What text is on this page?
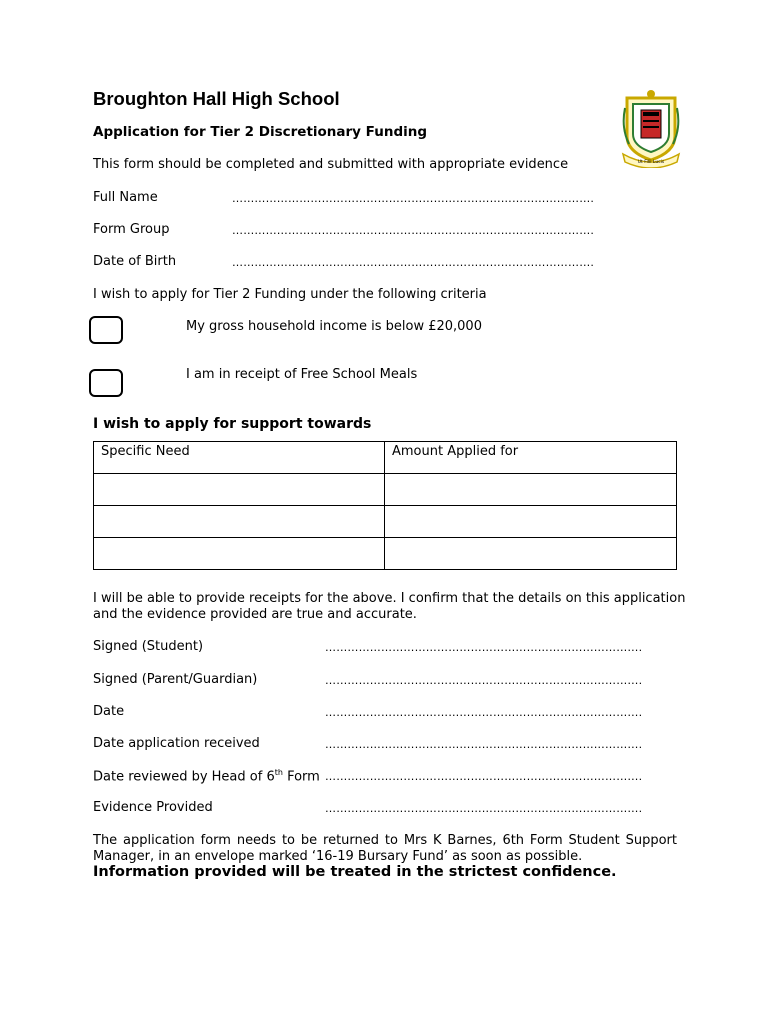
Broughton Hall High School
Application for Tier 2 Discretionary Funding
Ut Filii Lucis
This form should be completed and submitted with appropriate evidence
Full Name	…………………………………………………………………………………….
Form Group	…………………………………………………………………………………….
Date of Birth	…………………………………………………………………………………….
I wish to apply for Tier 2 Funding under the following criteria
My gross household income is below £20,000
I am in receipt of Free School Meals
I wish to apply for support towards
Specific Need	Amount Applied for

I will be able to provide receipts for the above. I confirm that the details on this application
and the evidence provided are true and accurate.
Signed (Student)	………………………………………………………………………….
Signed (Parent/Guardian)	………………………………………………………………………….
Date	………………………………………………………………………….
Date application received	………………………………………………………………………….
Date reviewed by Head of 6th Form ………………………………………………………………………….
Evidence Provided	………………………………………………………………………….
The application form needs to be returned to Mrs K Barnes, 6th Form Student Support Manager, in an envelope marked ‘16-19 Bursary Fund’ as soon as possible.
Information provided will be treated in the strictest confidence.
